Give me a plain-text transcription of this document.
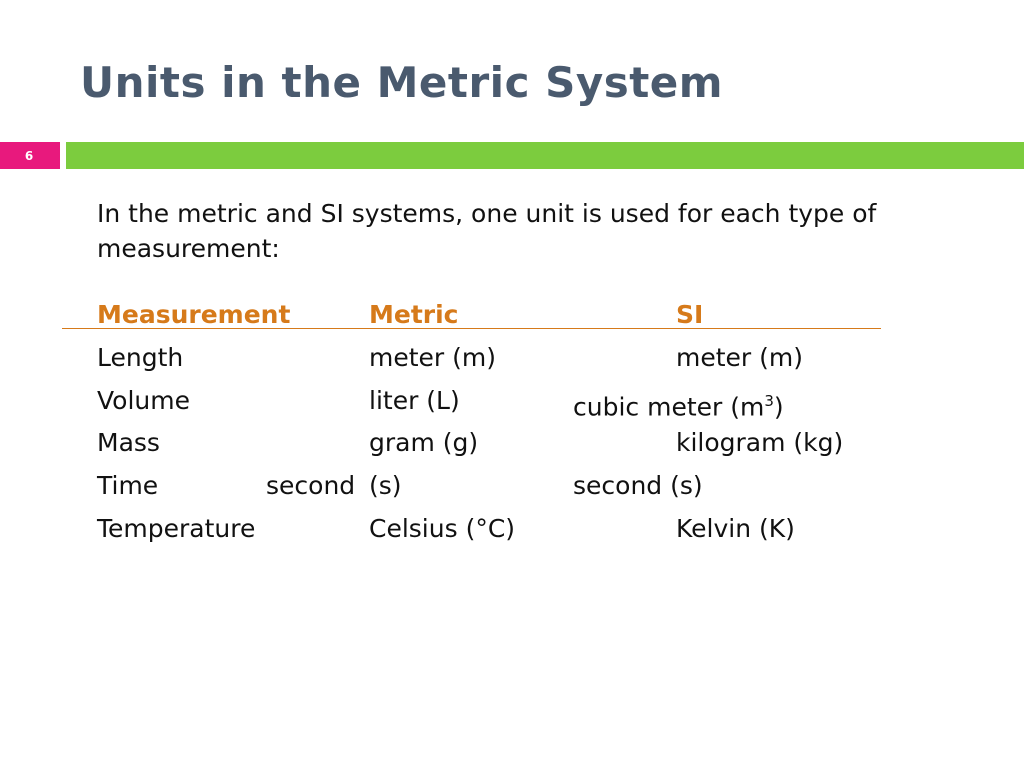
Units in the Metric System
6
In the metric and SI systems, one unit is used for each type of measurement:
Measurement	Metric	SI
Length	meter (m)	meter (m)
Volume	liter (L)	cubic meter $(m^3)$
Mass	gram (g)	kilogram (kg)
Time	second (s)	second (s)
Temperature	Celsius (°C)	Kelvin (K)
